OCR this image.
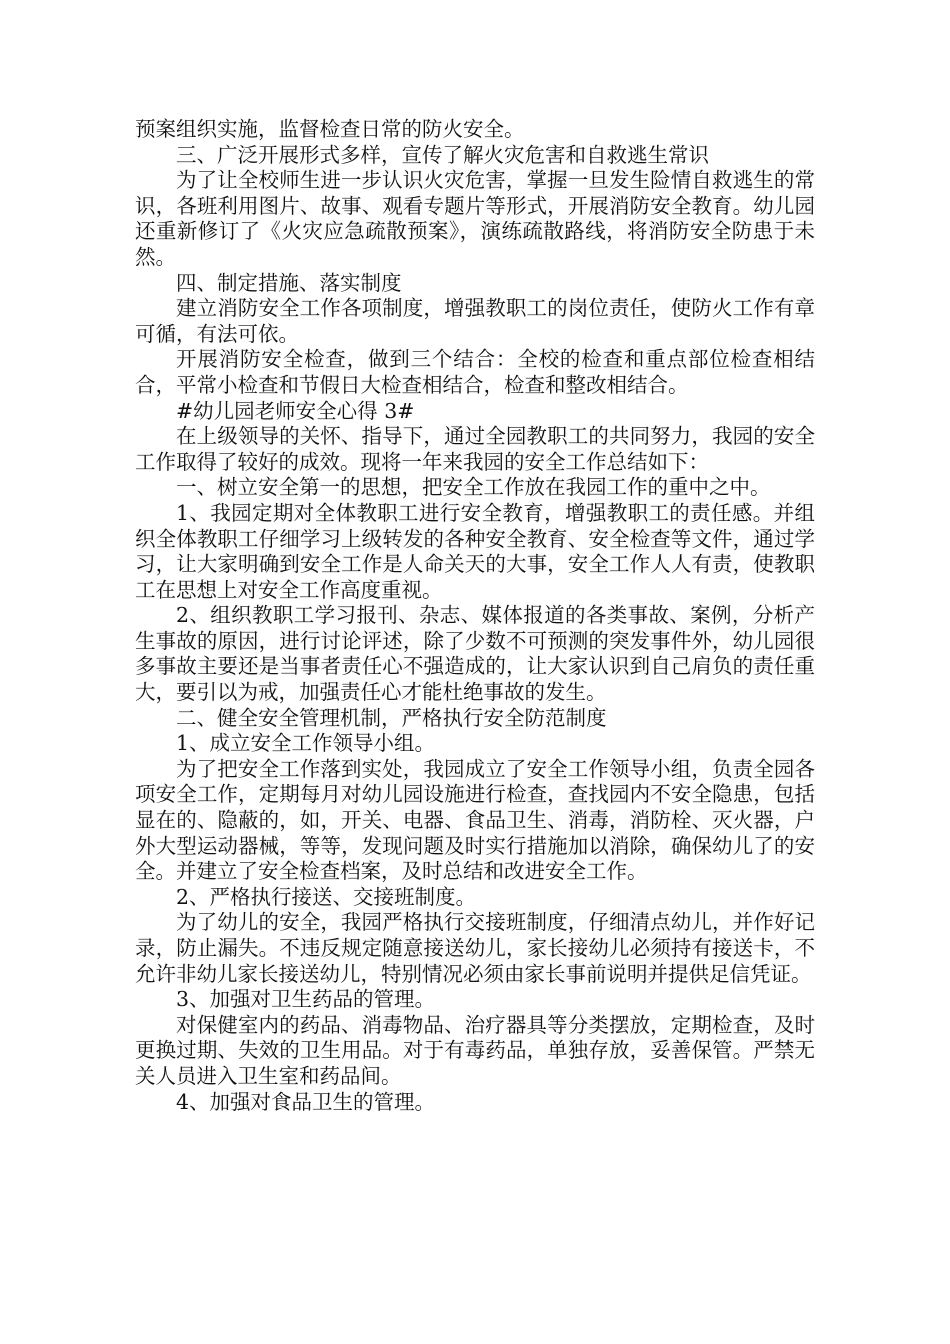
预案组织实施，监督检查日常的防火安全。

三、广泛开展形式多样，宣传了解火灾危害和自救逃生常识

为了让全校师生进一步认识火灾危害，掌握一旦发生险情自救逃生的常识，各班利用图片、故事、观看专题片等形式，开展消防安全教育。幼儿园还重新修订了《火灾应急疏散预案》，演练疏散路线，将消防安全防患于未然。

四、制定措施、落实制度

建立消防安全工作各项制度，增强教职工的岗位责任，使防火工作有章可循，有法可依。

开展消防安全检查，做到三个结合：全校的检查和重点部位检查相结合，平常小检查和节假日大检查相结合，检查和整改相结合。

#幼儿园老师安全心得 3#

在上级领导的关怀、指导下，通过全园教职工的共同努力，我园的安全工作取得了较好的成效。现将一年来我园的安全工作总结如下：

一、树立安全第一的思想，把安全工作放在我园工作的重中之中。

1、我园定期对全体教职工进行安全教育，增强教职工的责任感。并组织全体教职工仔细学习上级转发的各种安全教育、安全检查等文件，通过学习，让大家明确到安全工作是人命关天的大事，安全工作人人有责，使教职工在思想上对安全工作高度重视。

2、组织教职工学习报刊、杂志、媒体报道的各类事故、案例，分析产生事故的原因，进行讨论评述，除了少数不可预测的突发事件外，幼儿园很多事故主要还是当事者责任心不强造成的，让大家认识到自己肩负的责任重大，要引以为戒，加强责任心才能杜绝事故的发生。

二、健全安全管理机制，严格执行安全防范制度

1、成立安全工作领导小组。

为了把安全工作落到实处，我园成立了安全工作领导小组，负责全园各项安全工作，定期每月对幼儿园设施进行检查，查找园内不安全隐患，包括显在的、隐蔽的，如，开关、电器、食品卫生、消毒，消防栓、灭火器，户外大型运动器械，等等，发现问题及时实行措施加以消除，确保幼儿了的安全。并建立了安全检查档案，及时总结和改进安全工作。

2、严格执行接送、交接班制度。

为了幼儿的安全，我园严格执行交接班制度，仔细清点幼儿，并作好记录，防止漏失。不违反规定随意接送幼儿，家长接幼儿必须持有接送卡，不允许非幼儿家长接送幼儿，特别情况必须由家长事前说明并提供足信凭证。

3、加强对卫生药品的管理。

对保健室内的药品、消毒物品、治疗器具等分类摆放，定期检查，及时更换过期、失效的卫生用品。对于有毒药品，单独存放，妥善保管。严禁无关人员进入卫生室和药品间。

4、加强对食品卫生的管理。
